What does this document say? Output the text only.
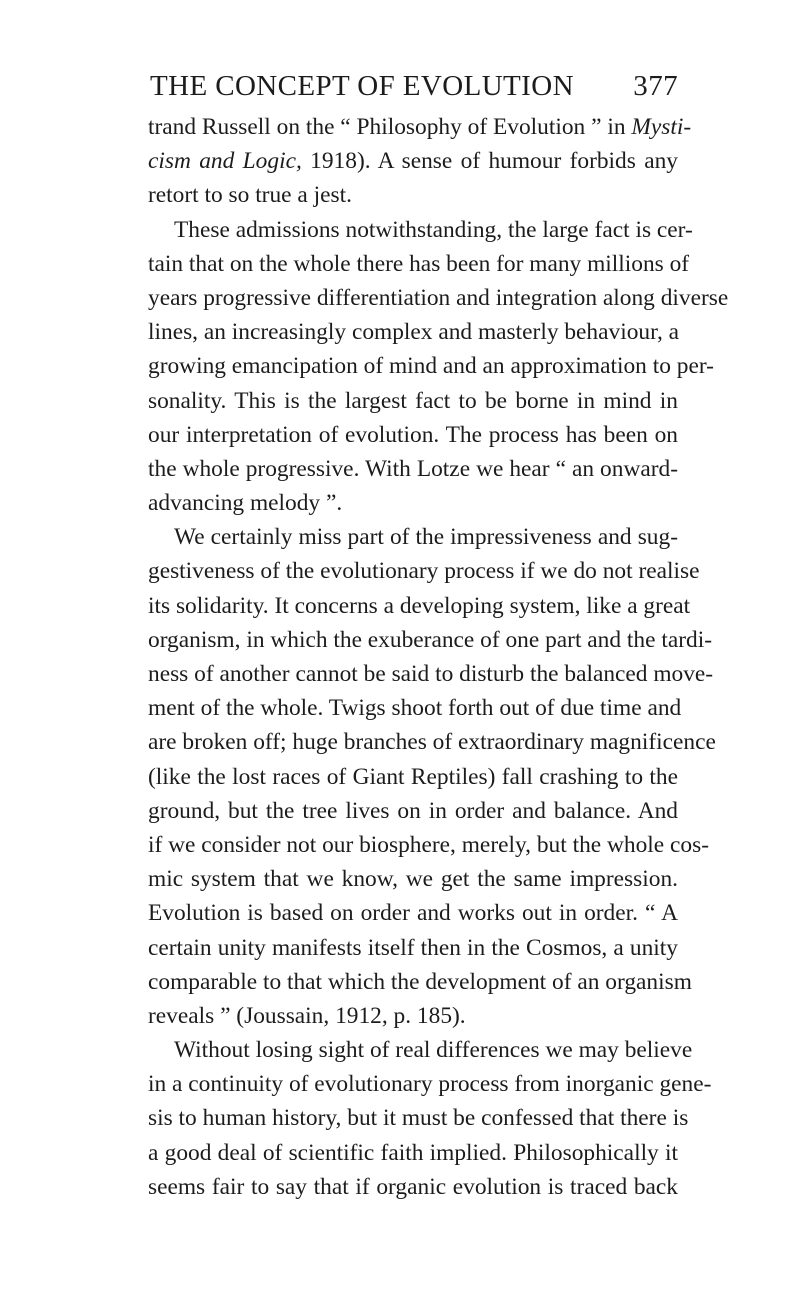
THE CONCEPT OF EVOLUTION 377
trand Russell on the “ Philosophy of Evolution ” in Mysti-
cism and Logic, 1918). A sense of humour forbids any
retort to so true a jest.
These admissions notwithstanding, the large fact is cer-
tain that on the whole there has been for many millions of
years progressive differentiation and integration along diverse
lines, an increasingly complex and masterly behaviour, a
growing emancipation of mind and an approximation to per-
sonality. This is the largest fact to be borne in mind in
our interpretation of evolution. The process has been on
the whole progressive. With Lotze we hear “ an onward-
advancing melody ”.
We certainly miss part of the impressiveness and sug-
gestiveness of the evolutionary process if we do not realise
its solidarity. It concerns a developing system, like a great
organism, in which the exuberance of one part and the tardi-
ness of another cannot be said to disturb the balanced move-
ment of the whole. Twigs shoot forth out of due time and
are broken off; huge branches of extraordinary magnificence
(like the lost races of Giant Reptiles) fall crashing to the
ground, but the tree lives on in order and balance. And
if we consider not our biosphere, merely, but the whole cos-
mic system that we know, we get the same impression.
Evolution is based on order and works out in order. “ A
certain unity manifests itself then in the Cosmos, a unity
comparable to that which the development of an organism
reveals ” (Joussain, 1912, p. 185).
Without losing sight of real differences we may believe
in a continuity of evolutionary process from inorganic gene-
sis to human history, but it must be confessed that there is
a good deal of scientific faith implied. Philosophically it
seems fair to say that if organic evolution is traced back
